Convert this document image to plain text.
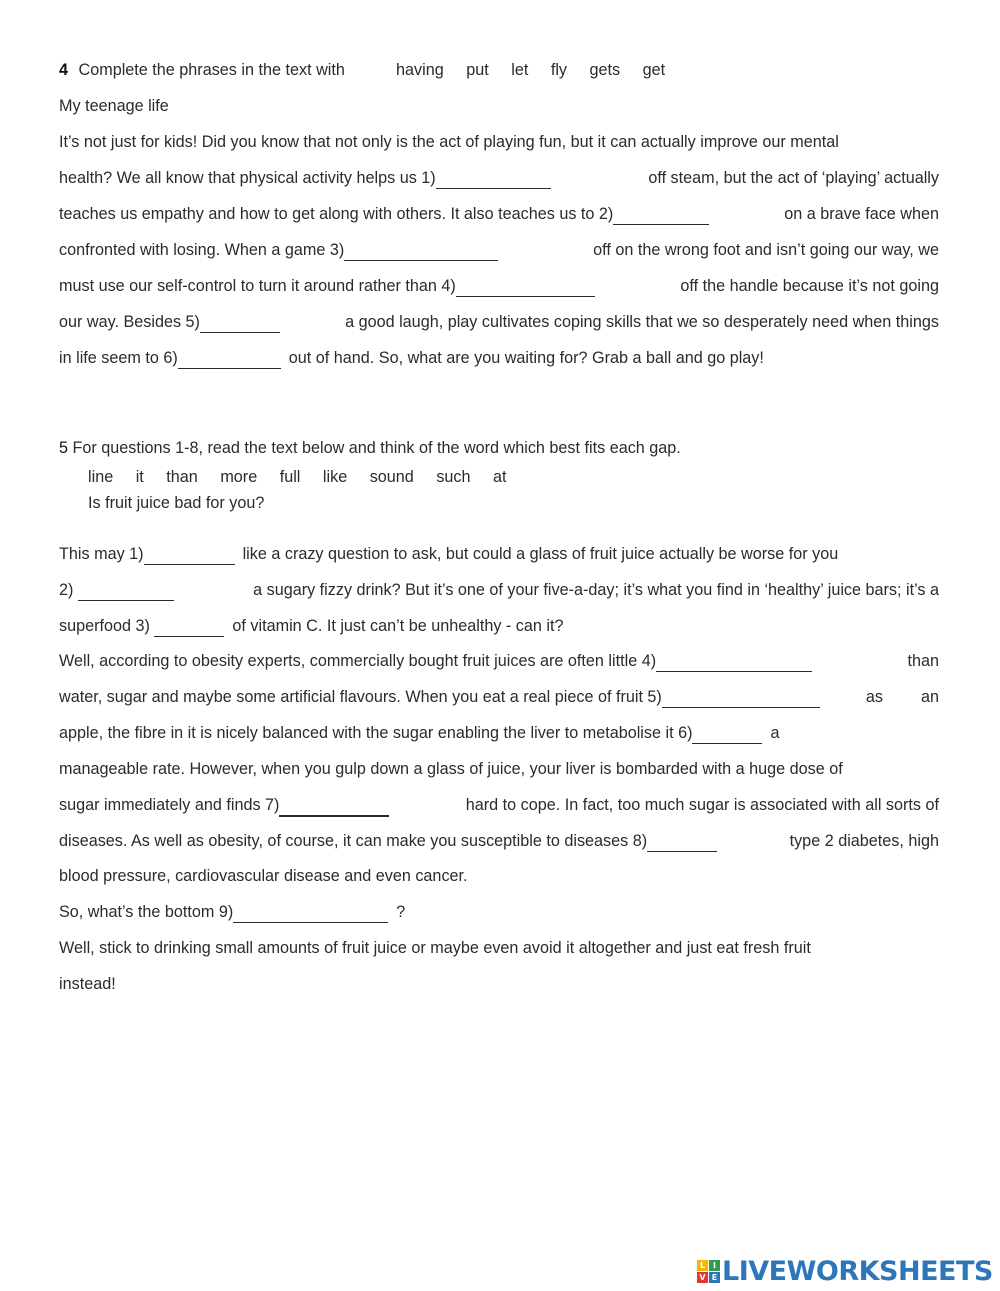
4 Complete the phrases in the text with	having put let fly gets get
My teenage life
It’s not just for kids! Did you know that not only is the act of playing fun, but it can actually improve our mental
health? We all know that physical activity helps us 1)	off steam, but the act of ‘playing’ actually
teaches us empathy and how to get along with others. It also teaches us to 2)	on a brave face when
confronted with losing. When a game 3)	off on the wrong foot and isn’t going our way, we
must use our self-control to turn it around rather than 4)	off the handle because it’s not going
our way. Besides 5)	a good laugh, play cultivates coping skills that we so desperately need when things
in life seem to 6)	out of hand. So, what are you waiting for? Grab a ball and go play!
5 For questions 1-8, read the text below and think of the word which best fits each gap.
line it than more full like sound such at
Is fruit juice bad for you?
This may 1)	like a crazy question to ask, but could a glass of fruit juice actually be worse for you
2)	a sugary fizzy drink? But it’s one of your five-a-day; it’s what you find in ‘healthy’ juice bars; it’s a
superfood 3)	of vitamin C. It just can’t be unhealthy - can it?
Well, according to obesity experts, commercially bought fruit juices are often little 4)	than
water, sugar and maybe some artificial flavours. When you eat a real piece of fruit 5)	as an
apple, the fibre in it is nicely balanced with the sugar enabling the liver to metabolise it 6)	a
manageable rate. However, when you gulp down a glass of juice, your liver is bombarded with a huge dose of
sugar immediately and finds 7)	hard to cope. In fact, too much sugar is associated with all sorts of
diseases. As well as obesity, of course, it can make you susceptible to diseases 8)	type 2 diabetes, high
blood pressure, cardiovascular disease and even cancer.
So, what’s the bottom 9)	?
Well, stick to drinking small amounts of fruit juice or maybe even avoid it altogether and just eat fresh fruit
instead!
L I
V E LIVEWORKSHEETS
